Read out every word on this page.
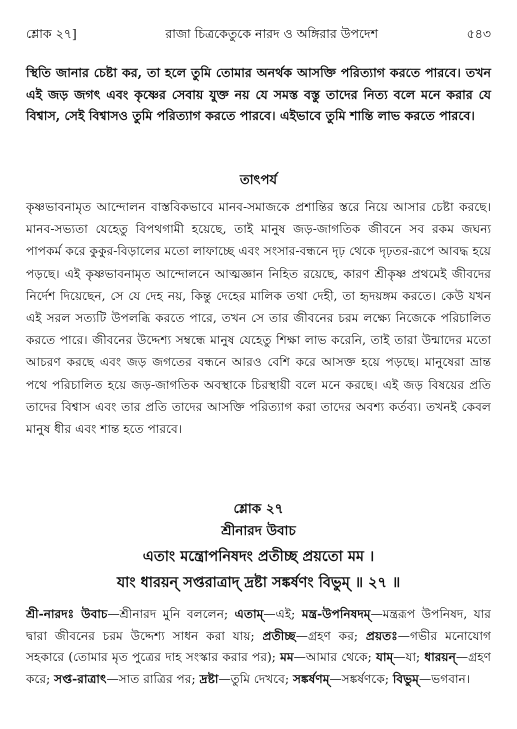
শ্লোক ২৭]	রাজা চিত্রকেতুকে নারদ ও অঙ্গিরার উপদেশ	৫৪৩
স্থিতি জানার চেষ্টা কর, তা হলে তুমি তোমার অনর্থক আসক্তি পরিত্যাগ করতে পারবে। তখন এই জড় জগৎ এবং কৃষ্ণের সেবায় যুক্ত নয় যে সমস্ত বস্তু তাদের নিত্য বলে মনে করার যে বিশ্বাস, সেই বিশ্বাসও তুমি পরিত্যাগ করতে পারবে। এইভাবে তুমি শান্তি লাভ করতে পারবে।
তাৎপর্য
কৃষ্ণভাবনামৃত আন্দোলন বাস্তবিকভাবে মানব-সমাজকে প্রশান্তির স্তরে নিয়ে আসার চেষ্টা করছে। মানব-সভ্যতা যেহেতু বিপথগামী হয়েছে, তাই মানুষ জড়-জাগতিক জীবনে সব রকম জঘন্য পাপকর্ম করে কুকুর-বিড়ালের মতো লাফাচ্ছে এবং সংসার-বন্ধনে দৃঢ় থেকে দৃঢ়তর-রূপে আবদ্ধ হয়ে পড়ছে। এই কৃষ্ণভাবনামৃত আন্দোলনে আত্মজ্ঞান নিহিত রয়েছে, কারণ শ্রীকৃষ্ণ প্রথমেই জীবদের নির্দেশ দিয়েছেন, সে যে দেহ নয়, কিন্তু দেহের মালিক তথা দেহী, তা হৃদয়ঙ্গম করতে। কেউ যখন এই সরল সত্যটি উপলব্ধি করতে পারে, তখন সে তার জীবনের চরম লক্ষ্যে নিজেকে পরিচালিত করতে পারে। জীবনের উদ্দেশ্য সম্বন্ধে মানুষ যেহেতু শিক্ষা লাভ করেনি, তাই তারা উন্মাদের মতো আচরণ করছে এবং জড় জগতের বন্ধনে আরও বেশি করে আসক্ত হয়ে পড়ছে। মানুষেরা ভ্রান্ত পথে পরিচালিত হয়ে জড়-জাগতিক অবস্থাকে চিরস্থায়ী বলে মনে করছে। এই জড় বিষয়ের প্রতি তাদের বিশ্বাস এবং তার প্রতি তাদের আসক্তি পরিত্যাগ করা তাদের অবশ্য কর্তব্য। তখনই কেবল মানুষ ধীর এবং শান্ত হতে পারবে।
শ্লোক ২৭
শ্রীনারদ উবাচ
এতাং মন্ত্রোপনিষদং প্রতীচ্ছ প্রয়তো মম ।
যাং ধারয়ন্ সপ্তরাত্রাদ্ দ্রষ্টা সঙ্কর্ষণং বিভুম্ ॥ ২৭ ॥
শ্রী-নারদঃ উবাচ—শ্রীনারদ মুনি বললেন; এতাম্—এই; মন্ত্র-উপনিষদম্—মন্ত্ররূপ উপনিষদ, যার দ্বারা জীবনের চরম উদ্দেশ্য সাধন করা যায়; প্রতীচ্ছ—গ্রহণ কর; প্রয়তঃ—গভীর মনোযোগ সহকারে (তোমার মৃত পুত্রের দাহ সংস্কার করার পর); মম—আমার থেকে; যাম্—যা; ধারয়ন্—গ্রহণ করে; সপ্ত-রাত্রাৎ—সাত রাত্রির পর; দ্রষ্টা—তুমি দেখবে; সঙ্কর্ষণম্—সঙ্কর্ষণকে; বিভুম্—ভগবান।
